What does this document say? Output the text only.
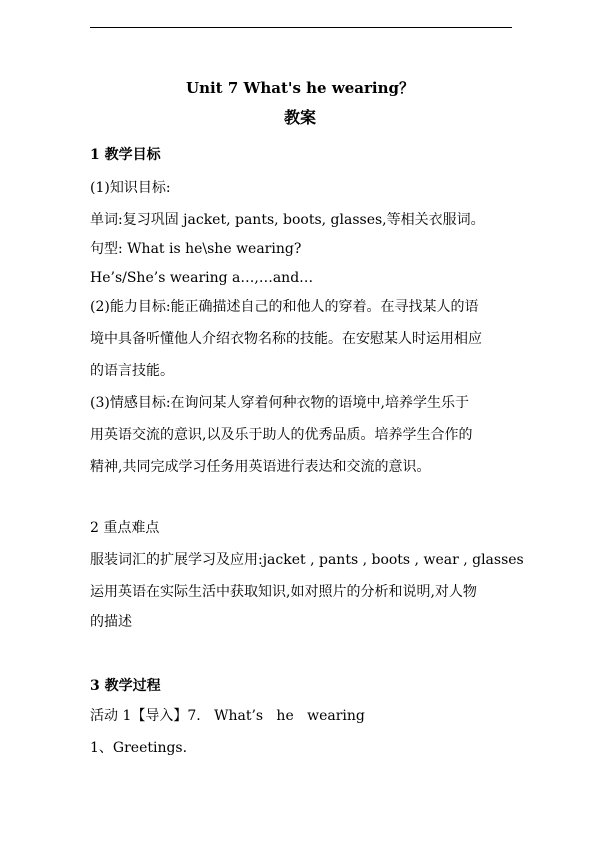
Unit 7 What's he wearing？
教案
1 教学目标
(1)知识目标:
单词:复习巩固 jacket, pants, boots, glasses,等相关衣服词。
句型: What is he\she wearing?
He’s/She’s wearing a…,…and…
(2)能力目标:能正确描述自己的和他人的穿着。在寻找某人的语
境中具备听懂他人介绍衣物名称的技能。在安慰某人时运用相应
的语言技能。
(3)情感目标:在询问某人穿着何种衣物的语境中,培养学生乐于
用英语交流的意识,以及乐于助人的优秀品质。培养学生合作的
精神,共同完成学习任务用英语进行表达和交流的意识。
2 重点难点
服装词汇的扩展学习及应用:jacket , pants , boots , wear , glasses
运用英语在实际生活中获取知识,如对照片的分析和说明,对人物
的描述
3 教学过程
活动 1【导入】7.   What’s   he   wearing
1、Greetings.
